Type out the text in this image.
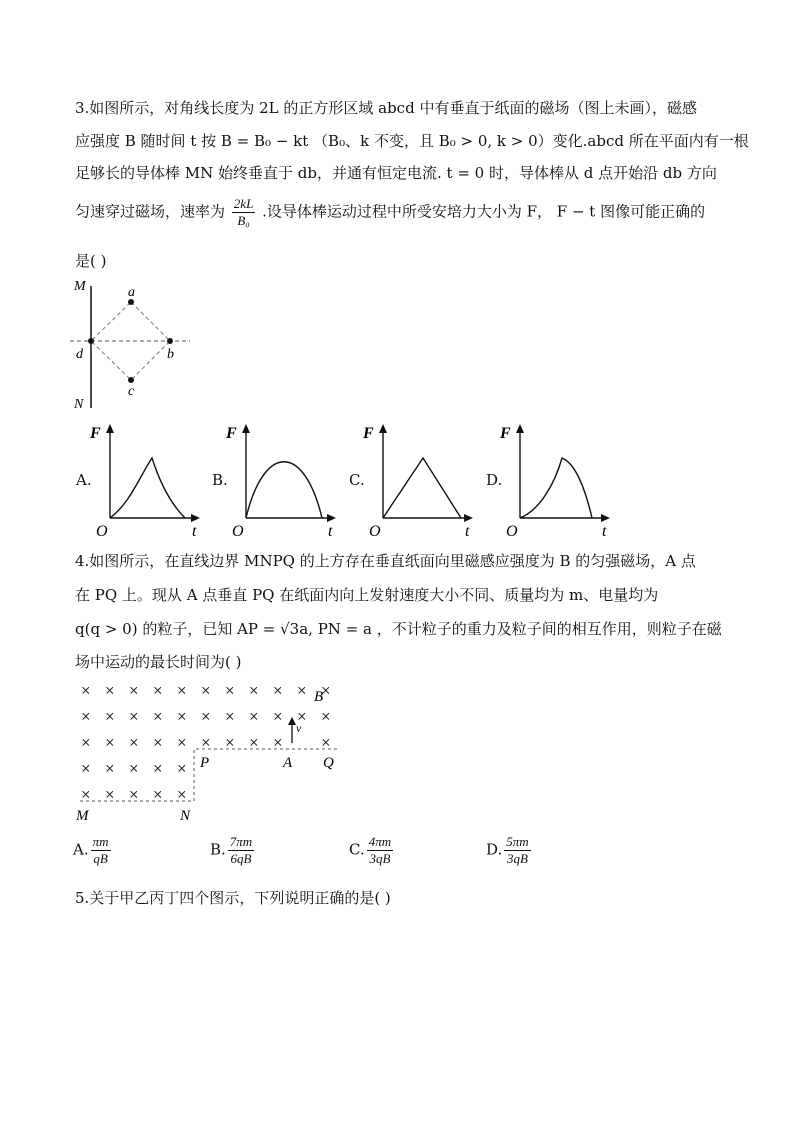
3.如图所示，对角线长度为 2L 的正方形区域 abcd 中有垂直于纸面的磁场（图上未画），磁感
应强度 B 随时间 t 按 B = B₀ − kt （B₀、k 不变，且 B₀ > 0, k > 0）变化.abcd 所在平面内有一根
足够长的导体棒 MN 始终垂直于 db，并通有恒定电流. t = 0 时，导体棒从 d 点开始沿 db 方向
匀速穿过磁场，速率为 $\frac{2kL}{\text{B₀}}$ .设导体棒运动过程中所受安培力大小为 F， F − t 图像可能正确的
是( )
M
N
a
b
c
d
A.
F
t
O
B.
F
t
O
C.
F
t
O
D.
F
t
O
4.如图所示，在直线边界 MNPQ 的上方存在垂直纸面向里磁感应强度为 B 的匀强磁场，A 点
在 PQ 上。现从 A 点垂直 PQ 在纸面内向上发射速度大小不同、质量均为 m、电量均为
q(q > 0) 的粒子，已知 AP = √3a, PN = a ，不计粒子的重力及粒子间的相互作用，则粒子在磁
场中运动的最长时间为( )
v
B
P	A Q
M	N
× × × × × × × × × × ×
× × × × × × × × × × ×
× × × × × × × × × ×
× × × × ×
× × × × ×
A. $\frac{\pi m}{qB}$	B. $\frac{7\pi m}{6qB}$	C. $\frac{4\pi m}{3qB}$	D. $\frac{5\pi m}{3qB}$
5.关于甲乙丙丁四个图示，下列说明正确的是( )
